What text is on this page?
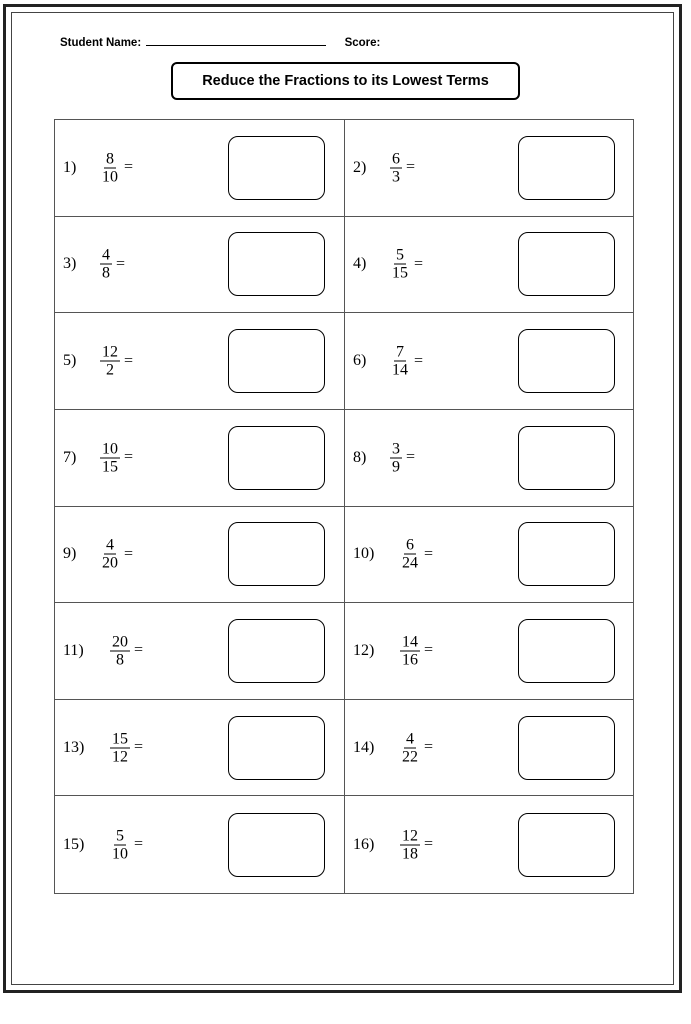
Student Name:	Score:
Reduce the Fractions to its Lowest Terms
$1) \frac{8}{10}$ =	$2) \frac{6}{3}$ =
$3) \frac{4}{8}$ =	$4) \frac{5}{15}$ =
$5) \frac{12}{2}$ =	$6) \frac{7}{14}$ =
$7) \frac{10}{15}$ =	$8) \frac{3}{9}$ =
$9) \frac{4}{20}$ =	$10) \frac{6}{24}$ =
$11) \frac{20}{8}$ =	$12) \frac{14}{16}$ =
$13) \frac{15}{12}$ =	$14) \frac{4}{22}$ =
$15) \frac{5}{10}$ =	$16) \frac{12}{18}$ =
